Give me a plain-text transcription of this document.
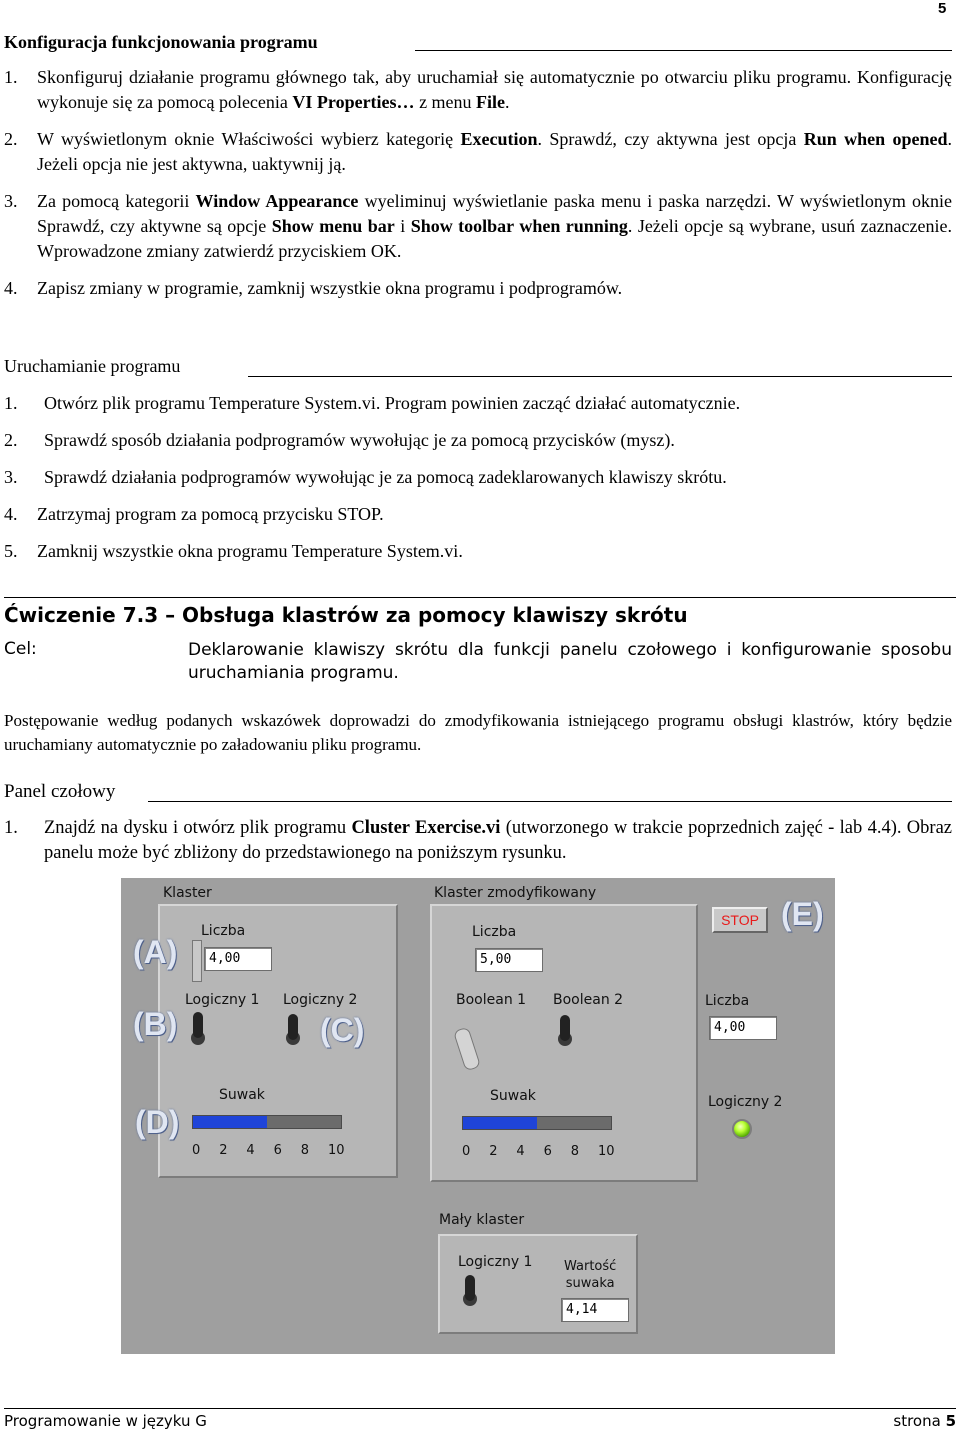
5
Konfiguracja funkcjonowania programu
1.	Skonfiguruj działanie programu głównego tak, aby uruchamiał się automatycznie po otwarciu pliku programu. Konfigurację wykonuje się za pomocą polecenia VI Properties… z menu File.
2.	W wyświetlonym oknie Właściwości wybierz kategorię Execution. Sprawdź, czy aktywna jest opcja Run when opened. Jeżeli opcja nie jest aktywna, uaktywnij ją.
3.	Za pomocą kategorii Window Appearance wyeliminuj wyświetlanie paska menu i paska narzędzi. W wyświetlonym oknie Sprawdź, czy aktywne są opcje Show menu bar i Show toolbar when running. Jeżeli opcje są wybrane, usuń zaznaczenie. Wprowadzone zmiany zatwierdź przyciskiem OK.
4.	Zapisz zmiany w programie, zamknij wszystkie okna programu i podprogramów.
Uruchamianie programu
1.	Otwórz plik programu Temperature System.vi. Program powinien zacząć działać automatycznie.
2.	Sprawdź sposób działania podprogramów wywołując je za pomocą przycisków (mysz).
3.	Sprawdź działania podprogramów wywołując je za pomocą zadeklarowanych klawiszy skrótu.
4.	Zatrzymaj program za pomocą przycisku STOP.
5.	Zamknij wszystkie okna programu Temperature System.vi.
Ćwiczenie 7.3 – Obsługa klastrów za pomocy klawiszy skrótu
Cel:	Deklarowanie klawiszy skrótu dla funkcji panelu czołowego i konfigurowanie sposobu uruchamiania programu.
Postępowanie według podanych wskazówek doprowadzi do zmodyfikowania istniejącego programu obsługi klastrów, który będzie uruchamiany automatycznie po załadowaniu pliku programu.
Panel czołowy
1.	Znajdź na dysku i otwórz plik programu Cluster Exercise.vi (utworzonego w trakcie poprzednich zajęć - lab 4.4). Obraz panelu może być zbliżony do przedstawionego na poniższym rysunku.
Klaster
Liczba
4,00
Logiczny 1 Logiczny 2
Suwak
0 2 4 6 8 10
Klaster zmodyfikowany
Liczba
5,00
Boolean 1 Boolean 2
Suwak
0 2 4 6 8 10
STOP
Liczba
4,00
Logiczny 2
Mały klaster
Logiczny 1 Wartość
suwaka
4,14
(A)
(B)	(C)
(D)
(E)
Programowanie w języku G	strona 5
